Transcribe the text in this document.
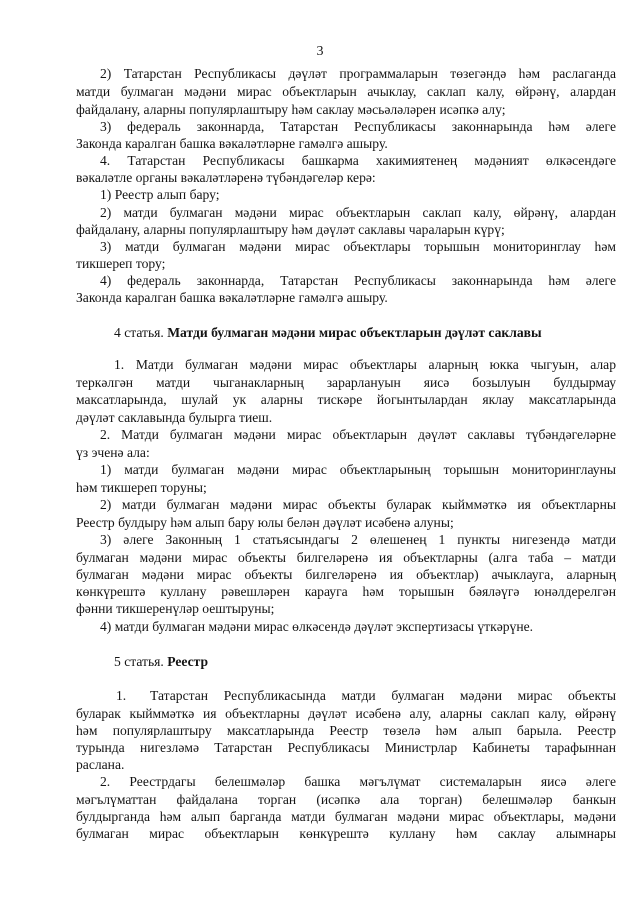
3
2) Татарстан Республикасы дәүләт программаларын төзегәндә һәм раслаганда
матди булмаган мәдәни мирас объектларын ачыклау, саклап калу, өйрәнү, алардан
файдалану, аларны популярлаштыру һәм саклау мәсьәләләрен исәпкә алу;
3) федераль законнарда, Татарстан Республикасы законнарында һәм әлеге
Законда каралган башка вәкаләтләрне гамәлгә ашыру.
4. Татарстан Республикасы башкарма хакимиятенең мәдәният өлкәсендәге
вәкаләтле органы вәкаләтләренә түбәндәгеләр керә:
1) Реестр алып бару;
2) матди булмаган мәдәни мирас объектларын саклап калу, өйрәнү, алардан
файдалану, аларны популярлаштыру һәм дәүләт саклавы чараларын күрү;
3) матди булмаган мәдәни мирас объектлары торышын мониторинглау һәм
тикшереп тору;
4) федераль законнарда, Татарстан Республикасы законнарында һәм әлеге
Законда каралган башка вәкаләтләрне гамәлгә ашыру.
4 статья. Матди булмаган мәдәни мирас объектларын дәүләт саклавы
1. Матди булмаган мәдәни мирас объектлары аларның юкка чыгуын, алар
теркәлгән матди чыганакларның зарарлануын яисә бозылуын булдырмау
максатларында, шулай ук аларны тискәре йогынтылардан яклау максатларында
дәүләт саклавында булырга тиеш.
2. Матди булмаган мәдәни мирас объектларын дәүләт саклавы түбәндәгеләрне
үз эченә ала:
1) матди булмаган мәдәни мирас объектларының торышын мониторинглауны
һәм тикшереп торуны;
2) матди булмаган мәдәни мирас объекты буларак кыйммәткә ия объектларны
Реестр булдыру һәм алып бару юлы белән дәүләт исәбенә алуны;
3) әлеге Законның 1 статьясындагы 2 өлешенең 1 пункты нигезендә матди
булмаган мәдәни мирас объекты билгеләренә ия объектларны (алга таба – матди
булмаган мәдәни мирас объекты билгеләренә ия объектлар) ачыклауга, аларның
көнкүрештә куллану рәвешләрен карауга һәм торышын бәяләүгә юнәлдерелгән
фәнни тикшеренүләр оештыруны;
4) матди булмаган мәдәни мирас өлкәсендә дәүләт экспертизасы үткәрүне.
5 статья. Реестр
1.	Татарстан Республикасында матди булмаган мәдәни мирас объекты
буларак кыйммәткә ия объектларны дәүләт исәбенә алу, аларны саклап калу, өйрәнү
һәм популярлаштыру максатларында Реестр төзелә һәм алып барыла. Реестр
турында нигезләмә Татарстан Республикасы Министрлар Кабинеты тарафыннан
раслана.
2. Реестрдагы белешмәләр башка мәгълүмат системаларын яисә әлеге
мәгълүматтан файдалана торган (исәпкә ала торган) белешмәләр банкын
булдырганда һәм алып барганда матди булмаган мәдәни мирас объектлары, мәдәни
булмаган мирас объектларын көнкүрештә куллану һәм саклау алымнары
